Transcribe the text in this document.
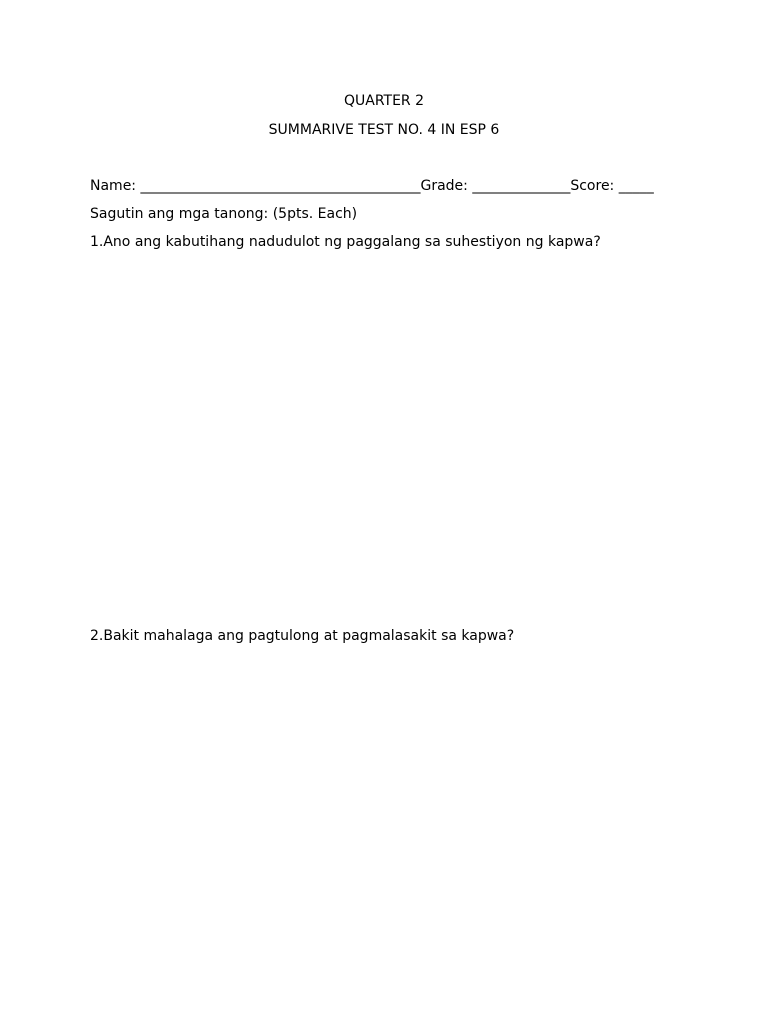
QUARTER 2
SUMMARIVE TEST NO. 4 IN ESP 6
Name: ________________________________________Grade: ______________Score: _____
Sagutin ang mga tanong: (5pts. Each)
1.Ano ang kabutihang nadudulot ng paggalang sa suhestiyon ng kapwa?
2.Bakit mahalaga ang pagtulong at pagmalasakit sa kapwa?
